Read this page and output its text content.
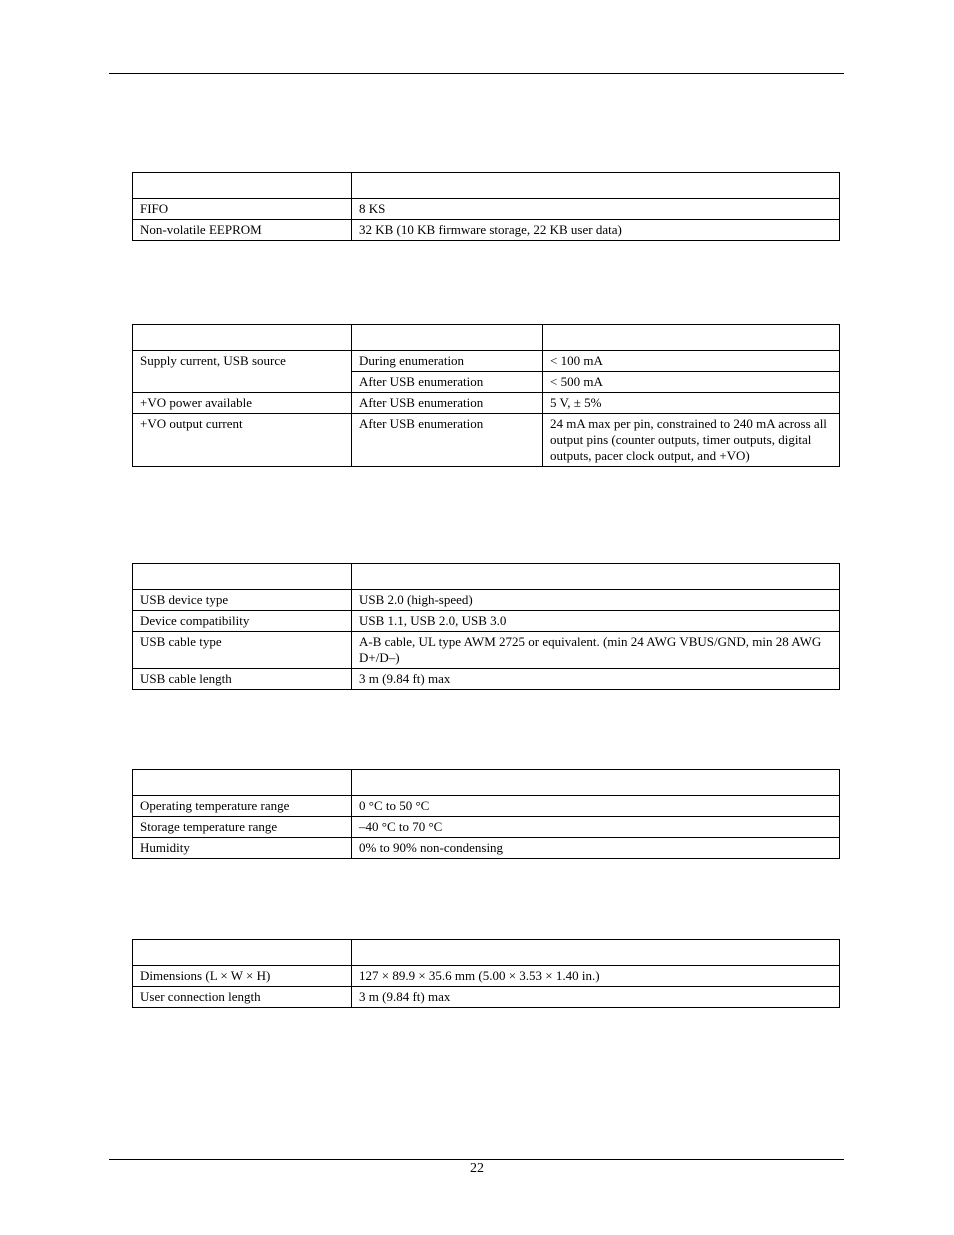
FIFO	8 KS
Non-volatile EEPROM	32 KB (10 KB firmware storage, 22 KB user data)

Supply current, USB source	During enumeration	< 100 mA
	After USB enumeration	< 500 mA
+VO power available	After USB enumeration	5 V, ± 5%
+VO output current	After USB enumeration	24 mA max per pin, constrained to 240 mA across all output pins (counter outputs, timer outputs, digital outputs, pacer clock output, and +VO)

USB device type	USB 2.0 (high-speed)
Device compatibility	USB 1.1, USB 2.0, USB 3.0
USB cable type	A-B cable, UL type AWM 2725 or equivalent. (min 24 AWG VBUS/GND, min 28 AWG D+/D–)
USB cable length	3 m (9.84 ft) max

Operating temperature range	0 °C to 50 °C
Storage temperature range	–40 °C to 70 °C
Humidity	0% to 90% non-condensing

Dimensions (L × W × H)	127 × 89.9 × 35.6 mm (5.00 × 3.53 × 1.40 in.)
User connection length	3 m (9.84 ft) max
22
